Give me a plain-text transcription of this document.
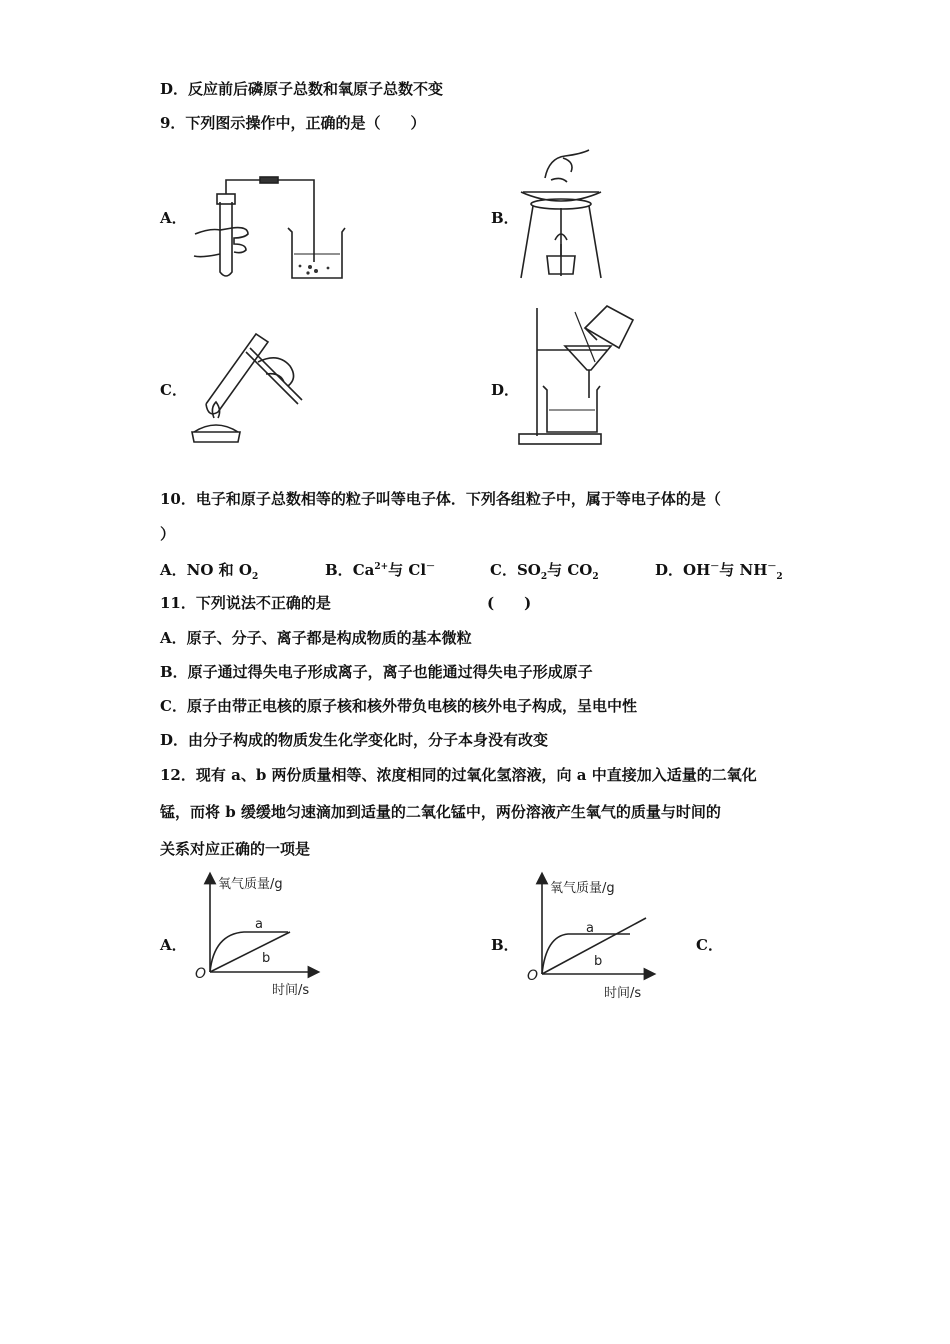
D．反应前后磷原子总数和氧原子总数不变
9．下列图示操作中，正确的是（　　）
A．	B．
C．	D．
10．电子和原子总数相等的粒子叫等电子体．下列各组粒子中，属于等电子体的是（
）
A．NO 和 $O_2$	B．$Ca^{2+}$与 Cl－	C．$SO_2$与 $CO_2$	D．OH－与 $NH^-_2$
11．下列说法不正确的是	(　　)
A．原子、分子、离子都是构成物质的基本微粒
B．原子通过得失电子形成离子，离子也能通过得失电子形成原子
C．原子由带正电核的原子核和核外带负电核的核外电子构成，呈电中性
D．由分子构成的物质发生化学变化时，分子本身没有改变
12．现有 a、b 两份质量相等、浓度相同的过氧化氢溶液，向 a 中直接加入适量的二氧化
锰，而将 b 缓缓地匀速滴加到适量的二氧化锰中，两份溶液产生氧气的质量与时间的
关系对应正确的一项是
A．
氧气质量/g
时间/s
O
a
b
B．
氧气质量/g
时间/s
O
a
b
C．
